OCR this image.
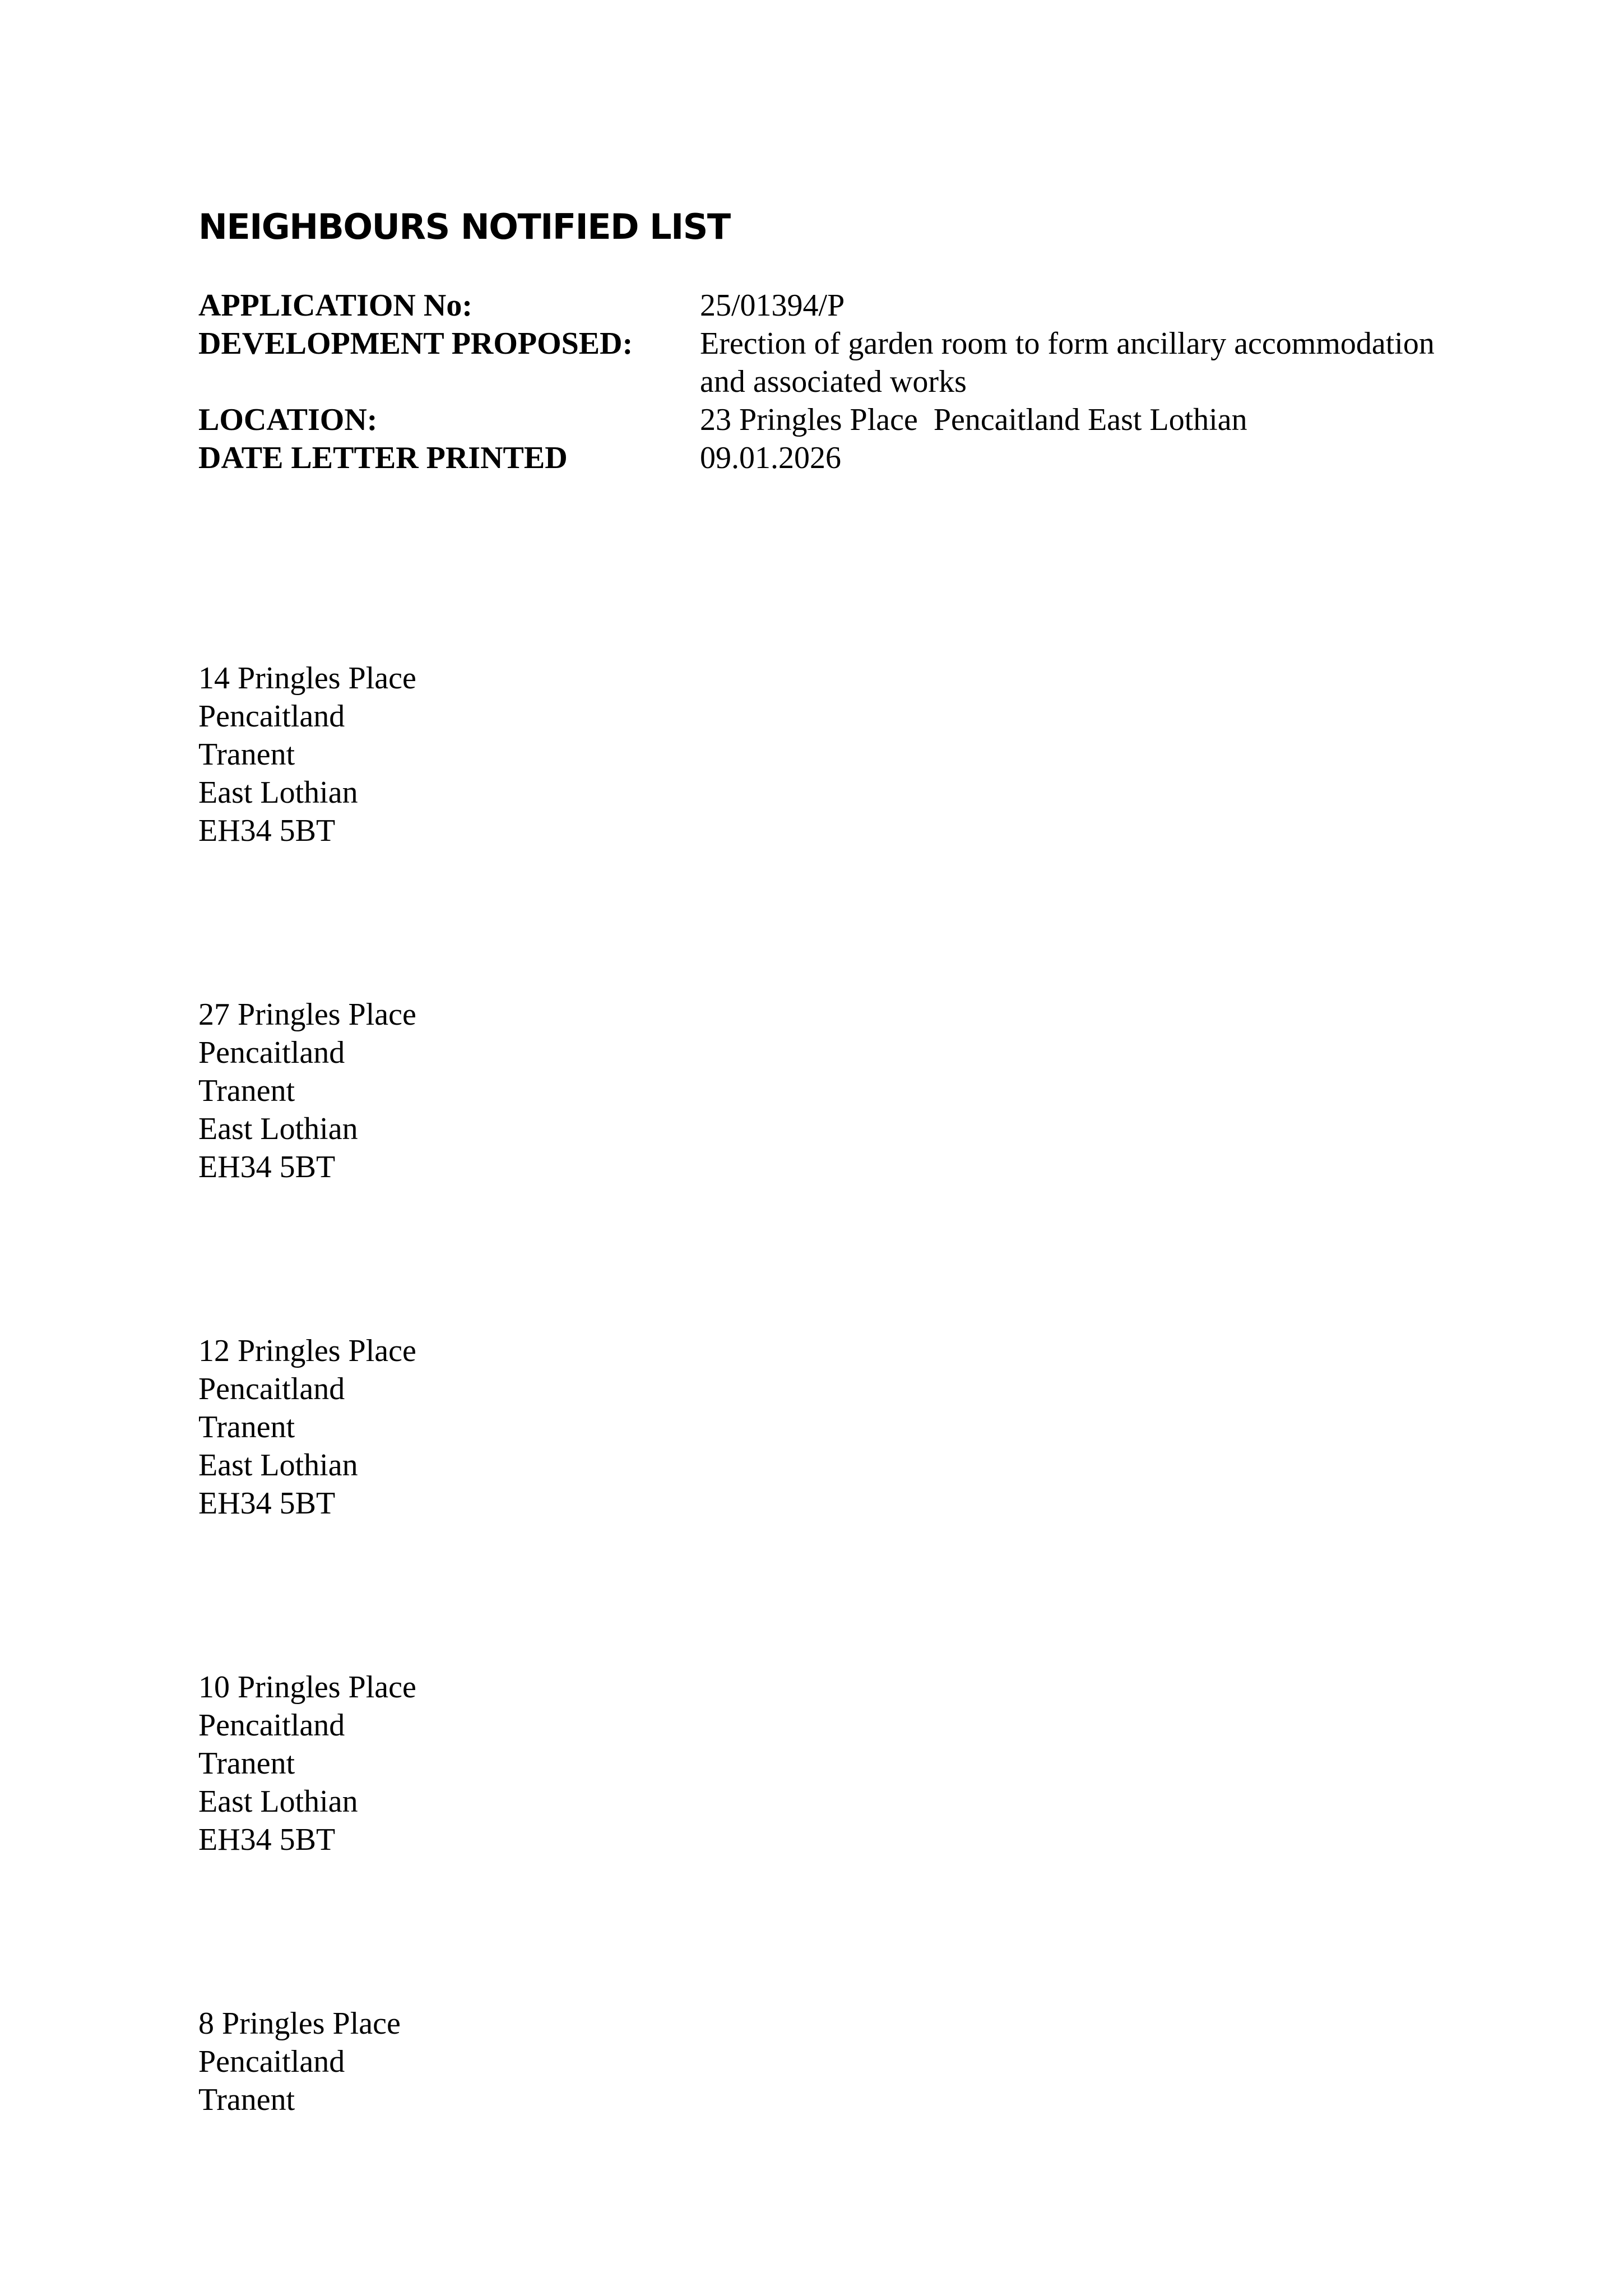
NEIGHBOURS NOTIFIED LIST
APPLICATION No:	25/01394/P
DEVELOPMENT PROPOSED:	Erection of garden room to form ancillary accommodation and associated works
LOCATION:	23 Pringles Place  Pencaitland East Lothian
DATE LETTER PRINTED	09.01.2026
14 Pringles Place
Pencaitland
Tranent
East Lothian
EH34 5BT
27 Pringles Place
Pencaitland
Tranent
East Lothian
EH34 5BT
12 Pringles Place
Pencaitland
Tranent
East Lothian
EH34 5BT
10 Pringles Place
Pencaitland
Tranent
East Lothian
EH34 5BT
8 Pringles Place
Pencaitland
Tranent
